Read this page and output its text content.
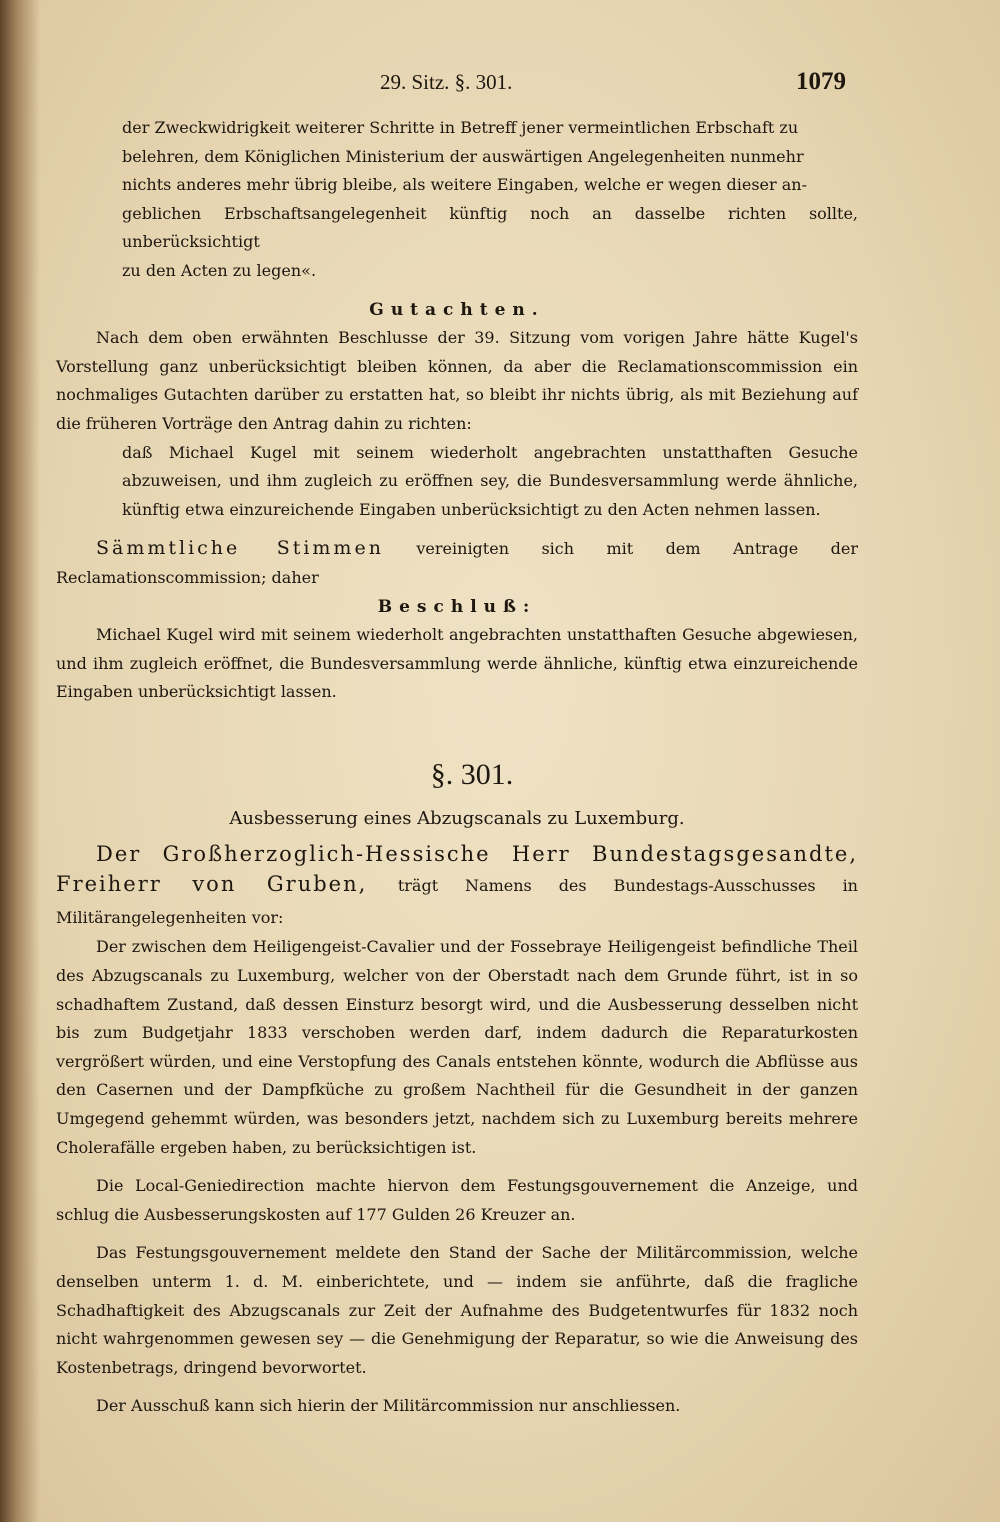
29. Sitz. §. 301.	1079
der Zweckwidrigkeit weiterer Schritte in Betreff jener vermeintlichen Erbschaft zu
belehren, dem Königlichen Ministerium der auswärtigen Angelegenheiten nunmehr
nichts anderes mehr übrig bleibe, als weitere Eingaben, welche er wegen dieser an-
geblichen Erbschaftsangelegenheit künftig noch an dasselbe richten sollte, unberücksichtigt
zu den Acten zu legen«.

Gutachten.

Nach dem oben erwähnten Beschlusse der 39. Sitzung vom vorigen Jahre hätte Kugel's Vorstellung ganz unberücksichtigt bleiben können, da aber die Reclamationscommission ein nochmaliges Gutachten darüber zu erstatten hat, so bleibt ihr nichts übrig, als mit Beziehung auf die früheren Vorträge den Antrag dahin zu richten:

daß Michael Kugel mit seinem wiederholt angebrachten unstatthaften Gesuche abzuweisen, und ihm zugleich zu eröffnen sey, die Bundesversammlung werde ähnliche, künftig etwa einzureichende Eingaben unberücksichtigt zu den Acten nehmen lassen.

Sämmtliche Stimmen vereinigten sich mit dem Antrage der Reclamationscommission; daher

Beschluß:

Michael Kugel wird mit seinem wiederholt angebrachten unstatthaften Gesuche abgewiesen, und ihm zugleich eröffnet, die Bundesversammlung werde ähnliche, künftig etwa einzureichende Eingaben unberücksichtigt lassen.

§. 301.

Ausbesserung eines Abzugscanals zu Luxemburg.

Der Großherzoglich-Hessische Herr Bundestagsgesandte, Freiherr von Gruben, trägt Namens des Bundestags-Ausschusses in Militärangelegenheiten vor:

Der zwischen dem Heiligengeist-Cavalier und der Fossebraye Heiligengeist befindliche Theil des Abzugscanals zu Luxemburg, welcher von der Oberstadt nach dem Grunde führt, ist in so schadhaftem Zustand, daß dessen Einsturz besorgt wird, und die Ausbesserung desselben nicht bis zum Budgetjahr 1833 verschoben werden darf, indem dadurch die Reparaturkosten vergrößert würden, und eine Verstopfung des Canals entstehen könnte, wodurch die Abflüsse aus den Casernen und der Dampfküche zu großem Nachtheil für die Gesundheit in der ganzen Umgegend gehemmt würden, was besonders jetzt, nachdem sich zu Luxemburg bereits mehrere Cholerafälle ergeben haben, zu berücksichtigen ist.

Die Local-Geniedirection machte hiervon dem Festungsgouvernement die Anzeige, und schlug die Ausbesserungskosten auf 177 Gulden 26 Kreuzer an.

Das Festungsgouvernement meldete den Stand der Sache der Militärcommission, welche denselben unterm 1. d. M. einberichtete, und — indem sie anführte, daß die fragliche Schadhaftigkeit des Abzugscanals zur Zeit der Aufnahme des Budgetentwurfes für 1832 noch nicht wahrgenommen gewesen sey — die Genehmigung der Reparatur, so wie die Anweisung des Kostenbetrags, dringend bevorwortet.

Der Ausschuß kann sich hierin der Militärcommission nur anschliessen.
